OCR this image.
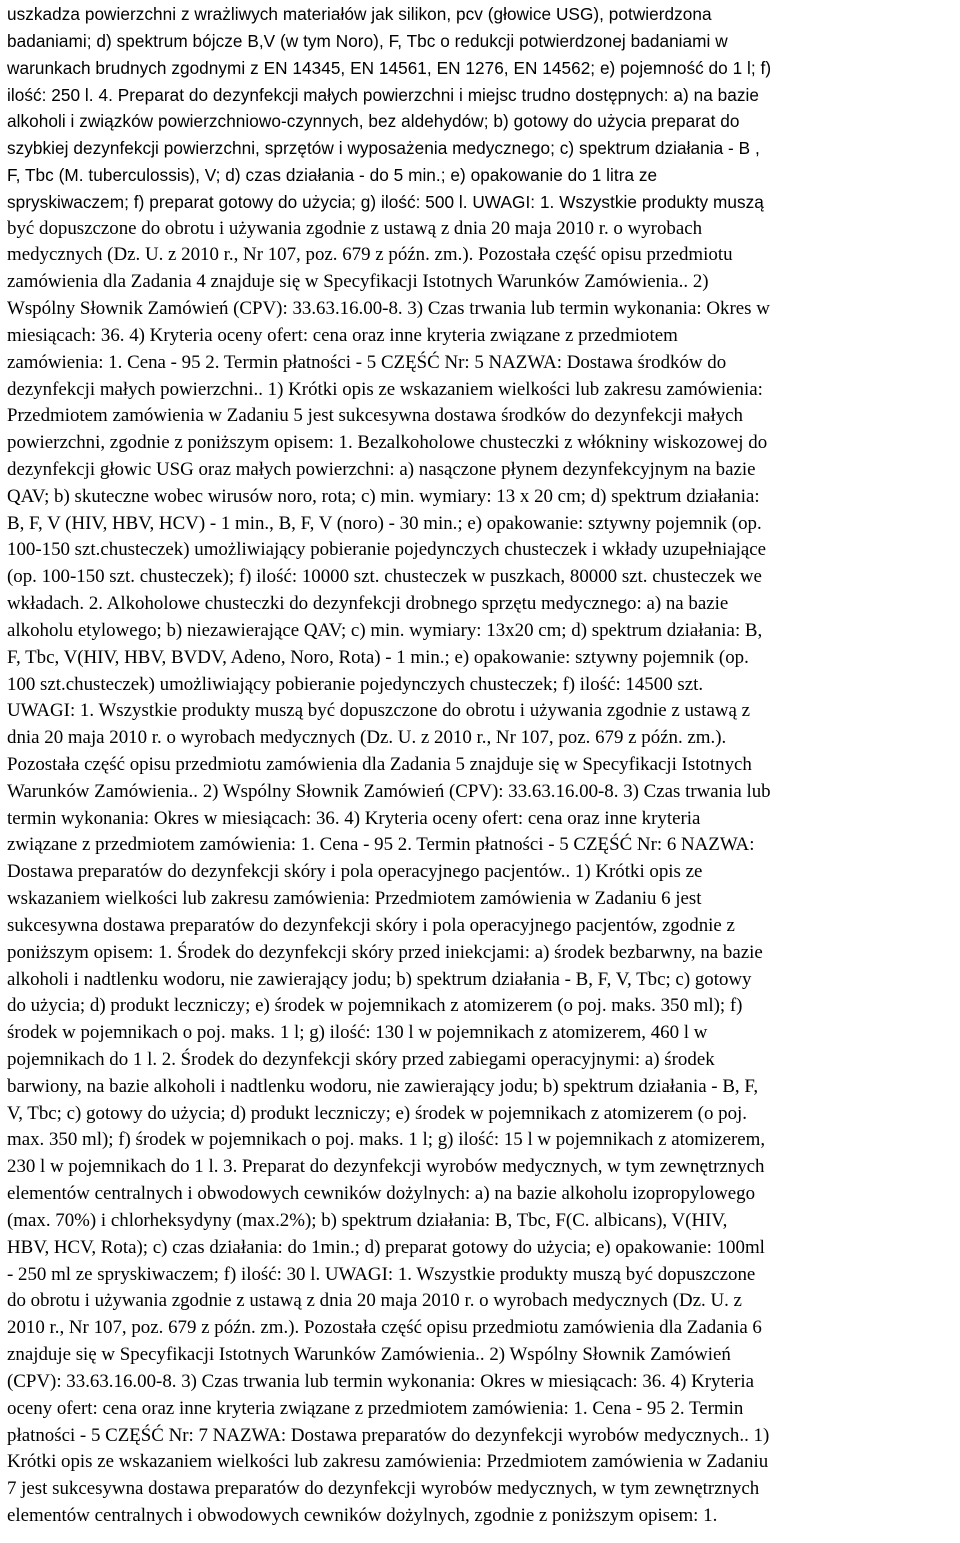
uszkadza powierzchni z wrażliwych materiałów jak silikon, pcv (głowice USG), potwierdzona
badaniami; d) spektrum bójcze B,V (w tym Noro), F, Tbc o redukcji potwierdzonej badaniami w
warunkach brudnych zgodnymi z EN 14345, EN 14561, EN 1276, EN 14562; e) pojemność do 1 l; f)
ilość: 250 l. 4. Preparat do dezynfekcji małych powierzchni i miejsc trudno dostępnych: a) na bazie
alkoholi i związków powierzchniowo-czynnych, bez aldehydów; b) gotowy do użycia preparat do
szybkiej dezynfekcji powierzchni, sprzętów i wyposażenia medycznego; c) spektrum działania - B ,
F, Tbc (M. tuberculossis), V; d) czas działania - do 5 min.; e) opakowanie do 1 litra ze
spryskiwaczem; f) preparat gotowy do użycia; g) ilość: 500 l. UWAGI: 1. Wszystkie produkty muszą
być dopuszczone do obrotu i używania zgodnie z ustawą z dnia 20 maja 2010 r. o wyrobach
medycznych (Dz. U. z 2010 r., Nr 107, poz. 679 z późn. zm.). Pozostała część opisu przedmiotu
zamówienia dla Zadania 4 znajduje się w Specyfikacji Istotnych Warunków Zamówienia.. 2)
Wspólny Słownik Zamówień (CPV): 33.63.16.00-8. 3) Czas trwania lub termin wykonania: Okres w
miesiącach: 36. 4) Kryteria oceny ofert: cena oraz inne kryteria związane z przedmiotem
zamówienia: 1. Cena - 95 2. Termin płatności - 5 CZĘŚĆ Nr: 5 NAZWA: Dostawa środków do
dezynfekcji małych powierzchni.. 1) Krótki opis ze wskazaniem wielkości lub zakresu zamówienia:
Przedmiotem zamówienia w Zadaniu 5 jest sukcesywna dostawa środków do dezynfekcji małych
powierzchni, zgodnie z poniższym opisem: 1. Bezalkoholowe chusteczki z włókniny wiskozowej do
dezynfekcji głowic USG oraz małych powierzchni: a) nasączone płynem dezynfekcyjnym na bazie
QAV; b) skuteczne wobec wirusów noro, rota; c) min. wymiary: 13 x 20 cm; d) spektrum działania:
B, F, V (HIV, HBV, HCV) - 1 min., B, F, V (noro) - 30 min.; e) opakowanie: sztywny pojemnik (op.
100-150 szt.chusteczek) umożliwiający pobieranie pojedynczych chusteczek i wkłady uzupełniające
(op. 100-150 szt. chusteczek); f) ilość: 10000 szt. chusteczek w puszkach, 80000 szt. chusteczek we
wkładach. 2. Alkoholowe chusteczki do dezynfekcji drobnego sprzętu medycznego: a) na bazie
alkoholu etylowego; b) niezawierające QAV; c) min. wymiary: 13x20 cm; d) spektrum działania: B,
F, Tbc, V(HIV, HBV, BVDV, Adeno, Noro, Rota) - 1 min.; e) opakowanie: sztywny pojemnik (op.
100 szt.chusteczek) umożliwiający pobieranie pojedynczych chusteczek; f) ilość: 14500 szt.
UWAGI: 1. Wszystkie produkty muszą być dopuszczone do obrotu i używania zgodnie z ustawą z
dnia 20 maja 2010 r. o wyrobach medycznych (Dz. U. z 2010 r., Nr 107, poz. 679 z późn. zm.).
Pozostała część opisu przedmiotu zamówienia dla Zadania 5 znajduje się w Specyfikacji Istotnych
Warunków Zamówienia.. 2) Wspólny Słownik Zamówień (CPV): 33.63.16.00-8. 3) Czas trwania lub
termin wykonania: Okres w miesiącach: 36. 4) Kryteria oceny ofert: cena oraz inne kryteria
związane z przedmiotem zamówienia: 1. Cena - 95 2. Termin płatności - 5 CZĘŚĆ Nr: 6 NAZWA:
Dostawa preparatów do dezynfekcji skóry i pola operacyjnego pacjentów.. 1) Krótki opis ze
wskazaniem wielkości lub zakresu zamówienia: Przedmiotem zamówienia w Zadaniu 6 jest
sukcesywna dostawa preparatów do dezynfekcji skóry i pola operacyjnego pacjentów, zgodnie z
poniższym opisem: 1. Środek do dezynfekcji skóry przed iniekcjami: a) środek bezbarwny, na bazie
alkoholi i nadtlenku wodoru, nie zawierający jodu; b) spektrum działania - B, F, V, Tbc; c) gotowy
do użycia; d) produkt leczniczy; e) środek w pojemnikach z atomizerem (o poj. maks. 350 ml); f)
środek w pojemnikach o poj. maks. 1 l; g) ilość: 130 l w pojemnikach z atomizerem, 460 l w
pojemnikach do 1 l. 2. Środek do dezynfekcji skóry przed zabiegami operacyjnymi: a) środek
barwiony, na bazie alkoholi i nadtlenku wodoru, nie zawierający jodu; b) spektrum działania - B, F,
V, Tbc; c) gotowy do użycia; d) produkt leczniczy; e) środek w pojemnikach z atomizerem (o poj.
max. 350 ml); f) środek w pojemnikach o poj. maks. 1 l; g) ilość: 15 l w pojemnikach z atomizerem,
230 l w pojemnikach do 1 l. 3. Preparat do dezynfekcji wyrobów medycznych, w tym zewnętrznych
elementów centralnych i obwodowych cewników dożylnych: a) na bazie alkoholu izopropylowego
(max. 70%) i chlorheksydyny (max.2%); b) spektrum działania: B, Tbc, F(C. albicans), V(HIV,
HBV, HCV, Rota); c) czas działania: do 1min.; d) preparat gotowy do użycia; e) opakowanie: 100ml
- 250 ml ze spryskiwaczem; f) ilość: 30 l. UWAGI: 1. Wszystkie produkty muszą być dopuszczone
do obrotu i używania zgodnie z ustawą z dnia 20 maja 2010 r. o wyrobach medycznych (Dz. U. z
2010 r., Nr 107, poz. 679 z późn. zm.). Pozostała część opisu przedmiotu zamówienia dla Zadania 6
znajduje się w Specyfikacji Istotnych Warunków Zamówienia.. 2) Wspólny Słownik Zamówień
(CPV): 33.63.16.00-8. 3) Czas trwania lub termin wykonania: Okres w miesiącach: 36. 4) Kryteria
oceny ofert: cena oraz inne kryteria związane z przedmiotem zamówienia: 1. Cena - 95 2. Termin
płatności - 5 CZĘŚĆ Nr: 7 NAZWA: Dostawa preparatów do dezynfekcji wyrobów medycznych.. 1)
Krótki opis ze wskazaniem wielkości lub zakresu zamówienia: Przedmiotem zamówienia w Zadaniu
7 jest sukcesywna dostawa preparatów do dezynfekcji wyrobów medycznych, w tym zewnętrznych
elementów centralnych i obwodowych cewników dożylnych, zgodnie z poniższym opisem: 1.
